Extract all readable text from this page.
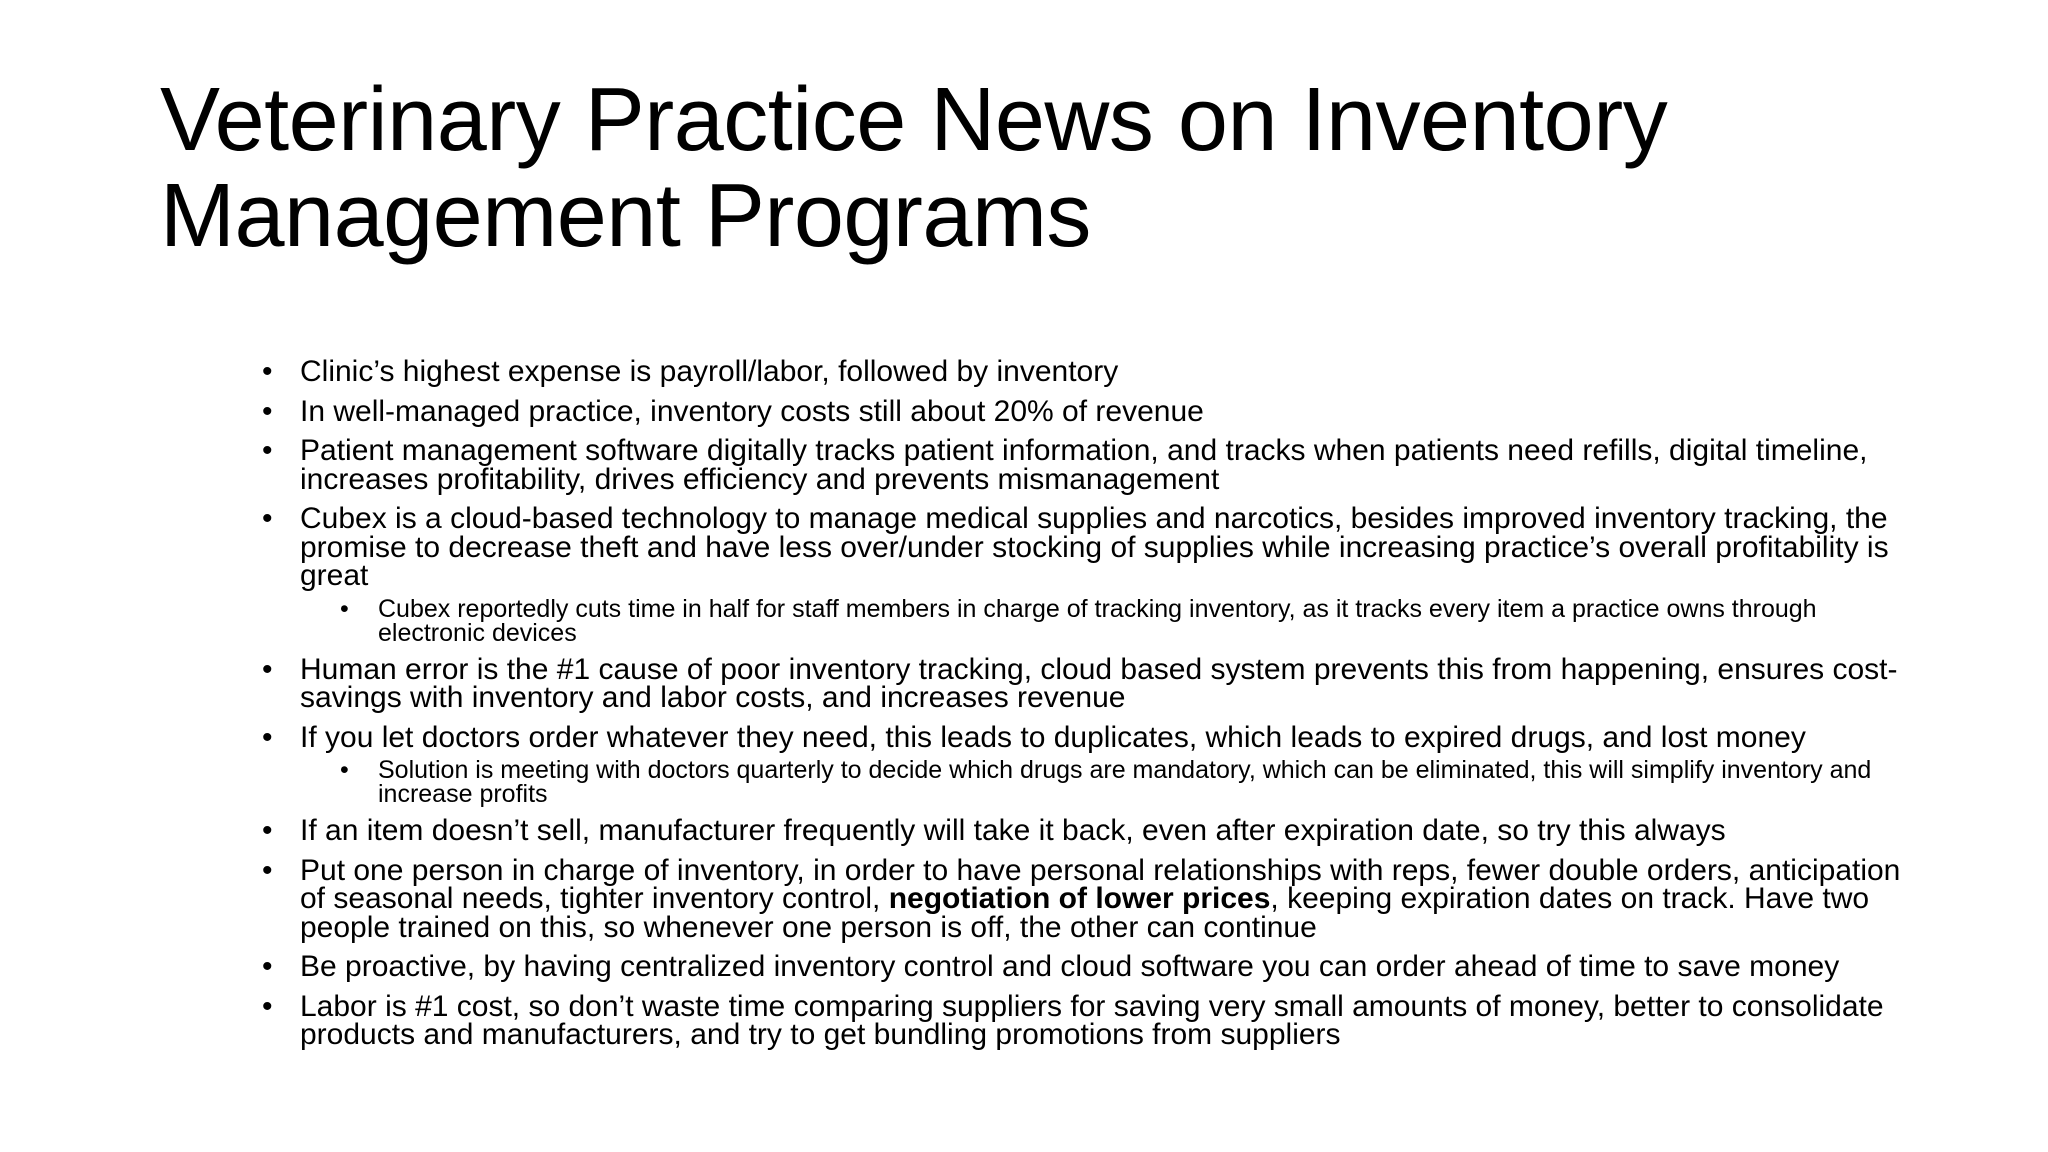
Veterinary Practice News on Inventory Management Programs
• Clinic’s highest expense is payroll/labor, followed by inventory
• In well-managed practice, inventory costs still about 20% of revenue
• Patient management software digitally tracks patient information, and tracks when patients need refills, digital timeline, increases profitability, drives efficiency and prevents mismanagement
• Cubex is a cloud-based technology to manage medical supplies and narcotics, besides improved inventory tracking, the promise to decrease theft and have less over/under stocking of supplies while increasing practice’s overall profitability is great
• Cubex reportedly cuts time in half for staff members in charge of tracking inventory, as it tracks every item a practice owns through electronic devices
• Human error is the #1 cause of poor inventory tracking, cloud based system prevents this from happening, ensures cost-savings with inventory and labor costs, and increases revenue
• If you let doctors order whatever they need, this leads to duplicates, which leads to expired drugs, and lost money
• Solution is meeting with doctors quarterly to decide which drugs are mandatory, which can be eliminated, this will simplify inventory and increase profits
• If an item doesn’t sell, manufacturer frequently will take it back, even after expiration date, so try this always
• Put one person in charge of inventory, in order to have personal relationships with reps, fewer double orders, anticipation of seasonal needs, tighter inventory control, negotiation of lower prices, keeping expiration dates on track. Have two people trained on this, so whenever one person is off, the other can continue
• Be proactive, by having centralized inventory control and cloud software you can order ahead of time to save money
• Labor is #1 cost, so don’t waste time comparing suppliers for saving very small amounts of money, better to consolidate products and manufacturers, and try to get bundling promotions from suppliers
